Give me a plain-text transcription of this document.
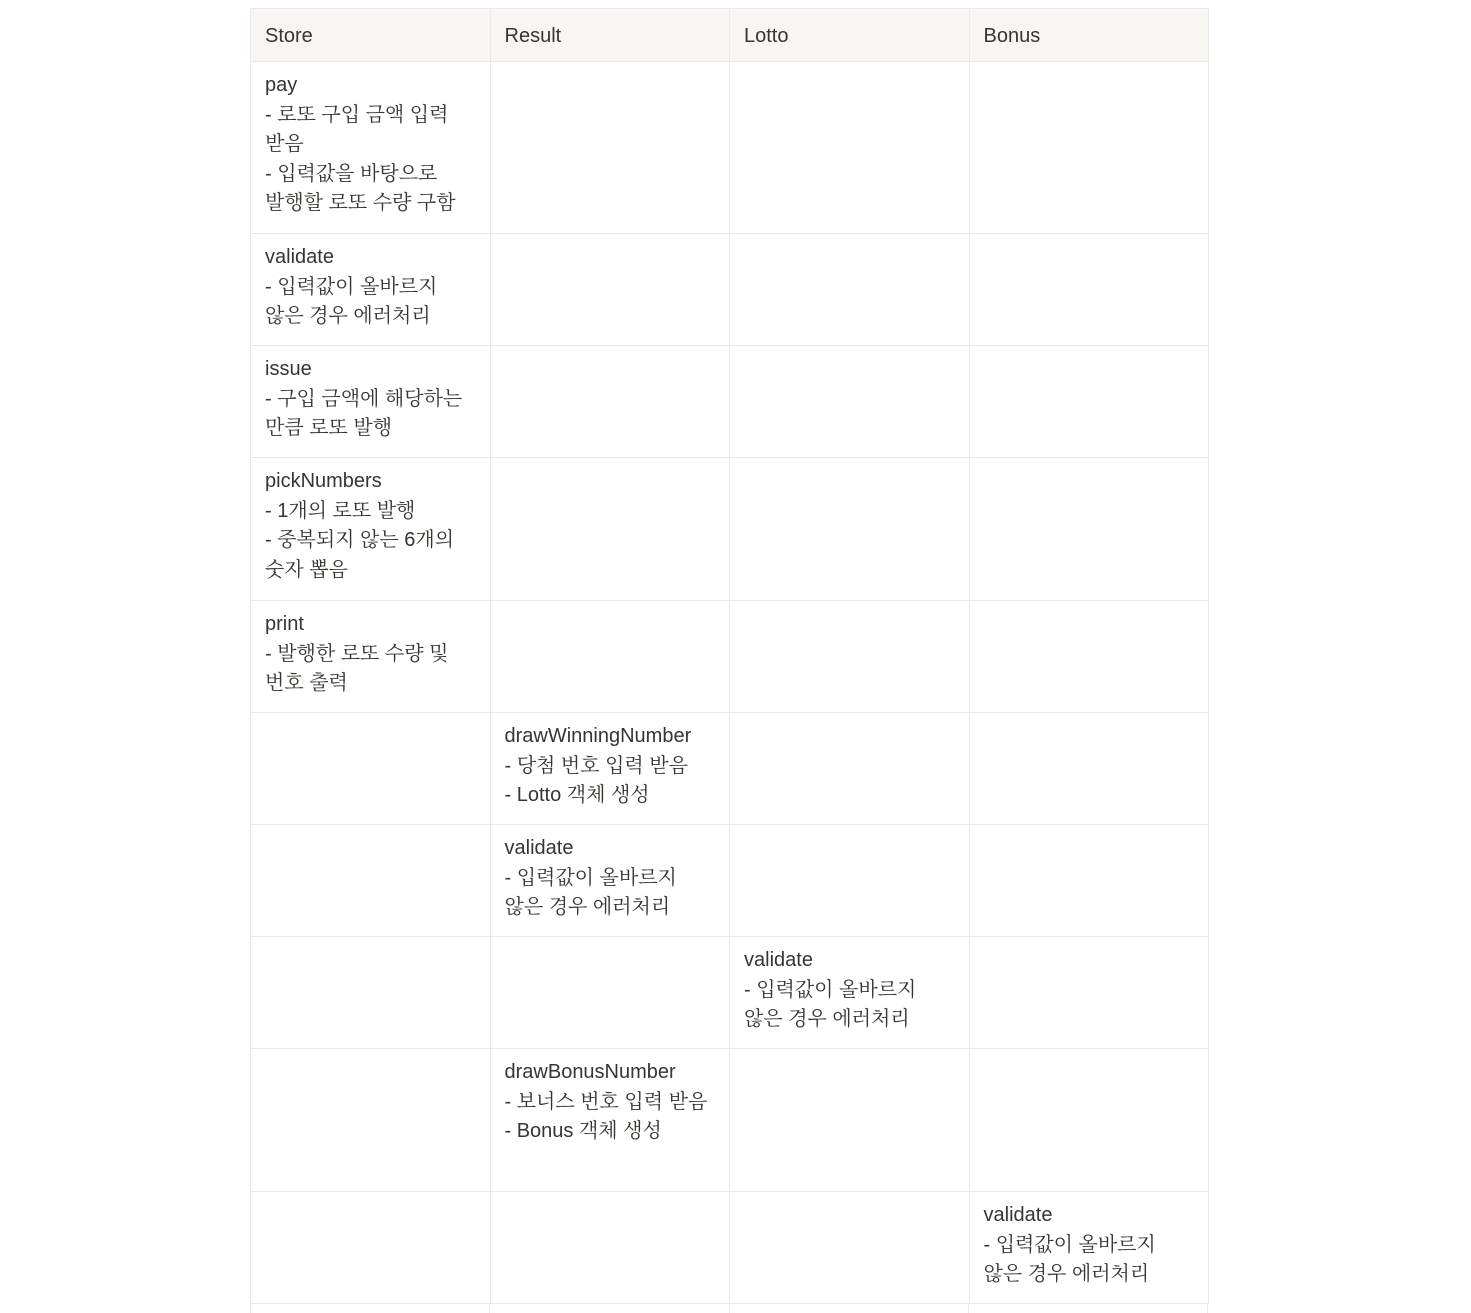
Store	Result	Lotto	Bonus

pay
- 로또 구입 금액 입력 받음
- 입력값을 바탕으로 발행할 로또 수량 구함			

validate
- 입력값이 올바르지 않은 경우 에러처리			

issue
- 구입 금액에 해당하는 만큼 로또 발행			

pickNumbers
- 1개의 로또 발행
- 중복되지 않는 6개의 숫자 뽑음			

print
- 발행한 로또 수량 및 번호 출력			

	drawWinningNumber
- 당첨 번호 입력 받음
- Lotto 객체 생성		

	validate
- 입력값이 올바르지 않은 경우 에러처리		

		validate
- 입력값이 올바르지 않은 경우 에러처리	

	drawBonusNumber
- 보너스 번호 입력 받음
- Bonus 객체 생성		

			validate
- 입력값이 올바르지 않은 경우 에러처리
